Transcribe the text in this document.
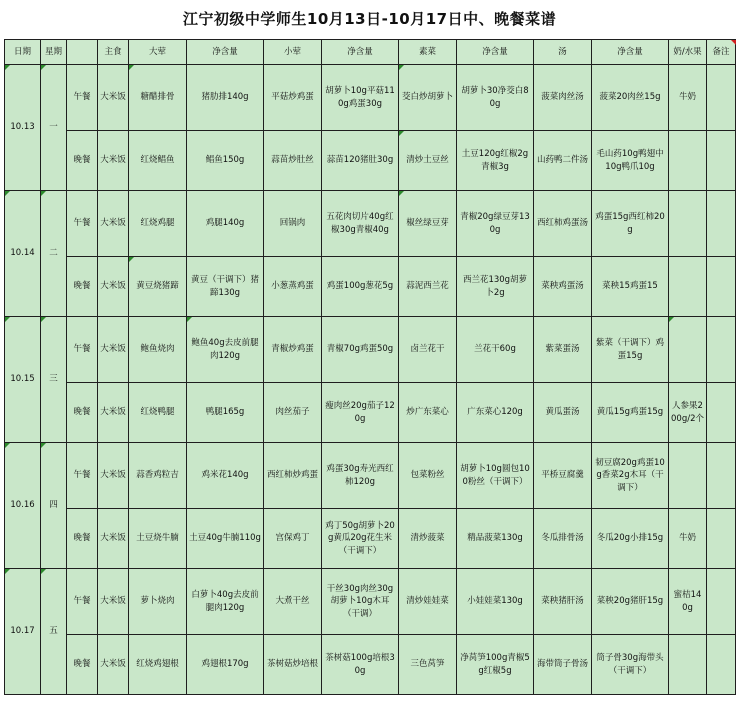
江宁初级中学师生10月13日-10月17日中、晚餐菜谱
日期	星期		主食	大荤	净含量	小荤	净含量	素菜	净含量	汤	净含量	奶/水果	备注
10.13	一	午餐	大米饭	糖醋排骨	猪肋排140g	平菇炒鸡蛋	胡萝卜10g平菇110g鸡蛋30g	茭白炒胡萝卜	胡萝卜30净茭白80g	菠菜肉丝汤	菠菜20肉丝15g	牛奶	
		晚餐	大米饭	红烧鲳鱼	鲳鱼150g	蒜苗炒肚丝	蒜苗120猪肚30g	清炒土豆丝	土豆120g红椒2g青椒3g	山药鸭二件汤	毛山药10g鸭翅中10g鸭爪10g		
10.14	二	午餐	大米饭	红烧鸡腿	鸡腿140g	回锅肉	五花肉切片40g红椒30g青椒40g	椒丝绿豆芽	青椒20g绿豆芽130g	西红柿鸡蛋汤	鸡蛋15g西红柿20g		
		晚餐	大米饭	黄豆烧猪蹄	黄豆（干调下）猪蹄130g	小葱蒸鸡蛋	鸡蛋100g葱花5g	蒜泥西兰花	西兰花130g胡萝卜2g	菜秧鸡蛋汤	菜秧15鸡蛋15		
10.15	三	午餐	大米饭	鲍鱼烧肉	鲍鱼40g去皮前腿肉120g	青椒炒鸡蛋	青椒70g鸡蛋50g	卤兰花干	兰花干60g	紫菜蛋汤	紫菜（干调下）鸡蛋15g		
		晚餐	大米饭	红烧鸭腿	鸭腿165g	肉丝茄子	瘦肉丝20g茄子120g	炒广东菜心	广东菜心120g	黄瓜蛋汤	黄瓜15g鸡蛋15g	人参果200g/2个	
10.16	四	午餐	大米饭	蒜香鸡粒吉	鸡米花140g	西红柿炒鸡蛋	鸡蛋30g寿光西红柿120g	包菜粉丝	胡萝卜10g圆包100粉丝（干调下）	平桥豆腐羹	韧豆腐20g鸡蛋10g香菜2g木耳（干调下）		
		晚餐	大米饭	土豆烧牛腩	土豆40g牛腩110g	宫保鸡丁	鸡丁50g胡萝卜20g黄瓜20g花生米（干调下）	清炒菠菜	精品菠菜130g	冬瓜排骨汤	冬瓜20g小排15g	牛奶	
10.17	五	午餐	大米饭	萝卜烧肉	白萝卜40g去皮前腿肉120g	大煮干丝	干丝30g肉丝30g胡萝卜10g木耳（干调）	清炒娃娃菜	小娃娃菜130g	菜秧猪肝汤	菜秧20g猪肝15g	蜜桔140g	
		晚餐	大米饭	红烧鸡翅根	鸡翅根170g	茶树菇炒培根	茶树菇100g培根30g	三色莴笋	净莴笋100g青椒5g红椒5g	海带筒子骨汤	筒子骨30g海带头（干调下）		
